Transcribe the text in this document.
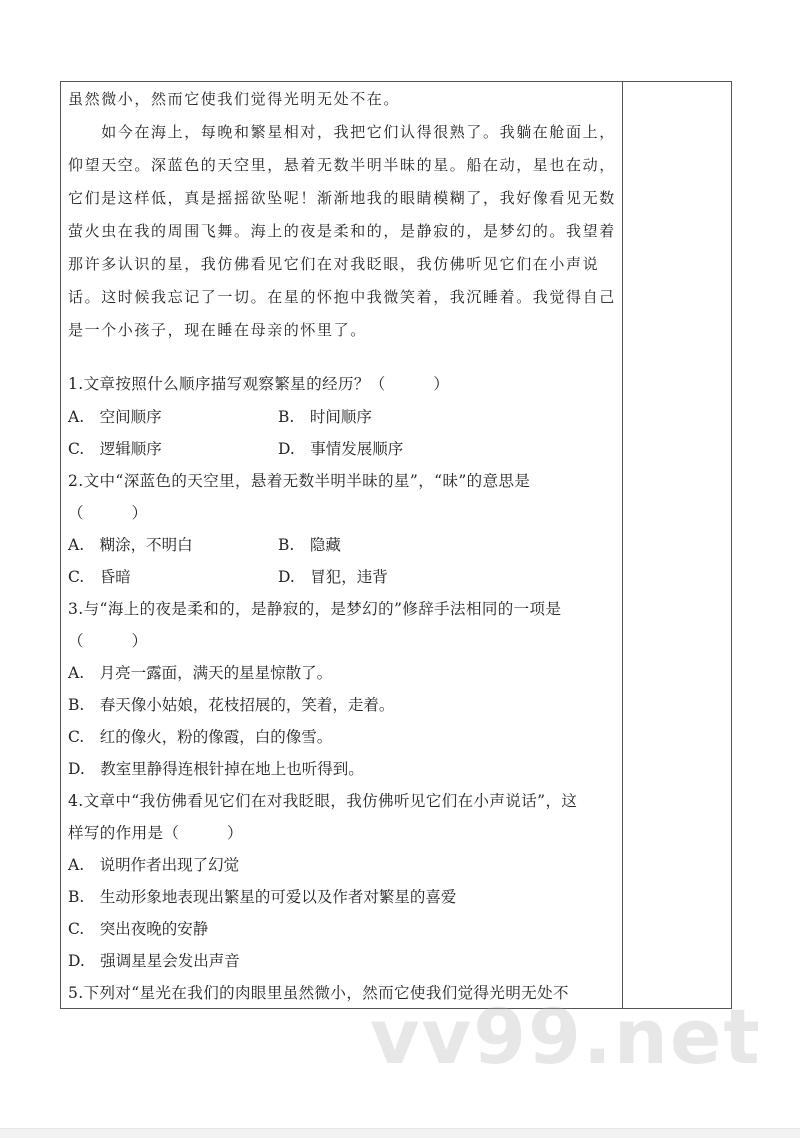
虽然微小，然而它使我们觉得光明无处不在。
　　如今在海上，每晚和繁星相对，我把它们认得很熟了。我躺在舱面上，
仰望天空。深蓝色的天空里，悬着无数半明半昧的星。船在动，星也在动，
它们是这样低，真是摇摇欲坠呢！渐渐地我的眼睛模糊了，我好像看见无数
萤火虫在我的周围飞舞。海上的夜是柔和的，是静寂的，是梦幻的。我望着
那许多认识的星，我仿佛看见它们在对我眨眼，我仿佛听见它们在小声说
话。这时候我忘记了一切。在星的怀抱中我微笑着，我沉睡着。我觉得自己
是一个小孩子，现在睡在母亲的怀里了。
1.文章按照什么顺序描写观察繁星的经历？（　　　）
A.　空间顺序	B.　时间顺序
C.　逻辑顺序	D.　事情发展顺序
2.文中“深蓝色的天空里，悬着无数半明半昧的星”，“昧”的意思是
（　　　）
A.　糊涂，不明白	B.　隐藏
C.　昏暗	D.　冒犯，违背
3.与“海上的夜是柔和的，是静寂的，是梦幻的”修辞手法相同的一项是
（　　　）
A.　月亮一露面，满天的星星惊散了。
B.　春天像小姑娘，花枝招展的，笑着，走着。
C.　红的像火，粉的像霞，白的像雪。
D.　教室里静得连根针掉在地上也听得到。
4.文章中“我仿佛看见它们在对我眨眼，我仿佛听见它们在小声说话”，这
样写的作用是（　　　）
A.　说明作者出现了幻觉
B.　生动形象地表现出繁星的可爱以及作者对繁星的喜爱
C.　突出夜晚的安静
D.　强调星星会发出声音
5.下列对“星光在我们的肉眼里虽然微小，然而它使我们觉得光明无处不
vv99.net
